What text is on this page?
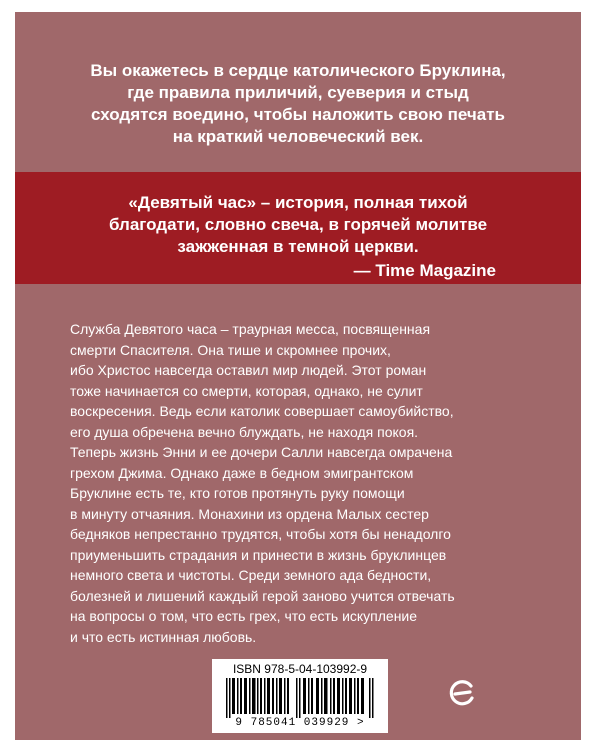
Вы окажетесь в сердце католического Бруклина,
где правила приличий, суеверия и стыд
сходятся воедино, чтобы наложить свою печать
на краткий человеческий век.
«Девятый час» – история, полная тихой
благодати, словно свеча, в горячей молитве
зажженная в темной церкви.
— Time Magazine
Служба Девятого часа – траурная месса, посвященная
смерти Спасителя. Она тише и скромнее прочих,
ибо Христос навсегда оставил мир людей. Этот роман
тоже начинается со смерти, которая, однако, не сулит
воскресения. Ведь если католик совершает самоубийство,
его душа обречена вечно блуждать, не находя покоя.
Теперь жизнь Энни и ее дочери Салли навсегда омрачена
грехом Джима. Однако даже в бедном эмигрантском
Бруклине есть те, кто готов протянуть руку помощи
в минуту отчаяния. Монахини из ордена Малых сестер
бедняков непрестанно трудятся, чтобы хотя бы ненадолго
приуменьшить страдания и принести в жизнь бруклинцев
немного света и чистоты. Среди земного ада бедности,
болезней и лишений каждый герой заново учится отвечать
на вопросы о том, что есть грех, что есть искупление
и что есть истинная любовь.
ISBN 978-5-04-103992-9
9 785041 039929 >
